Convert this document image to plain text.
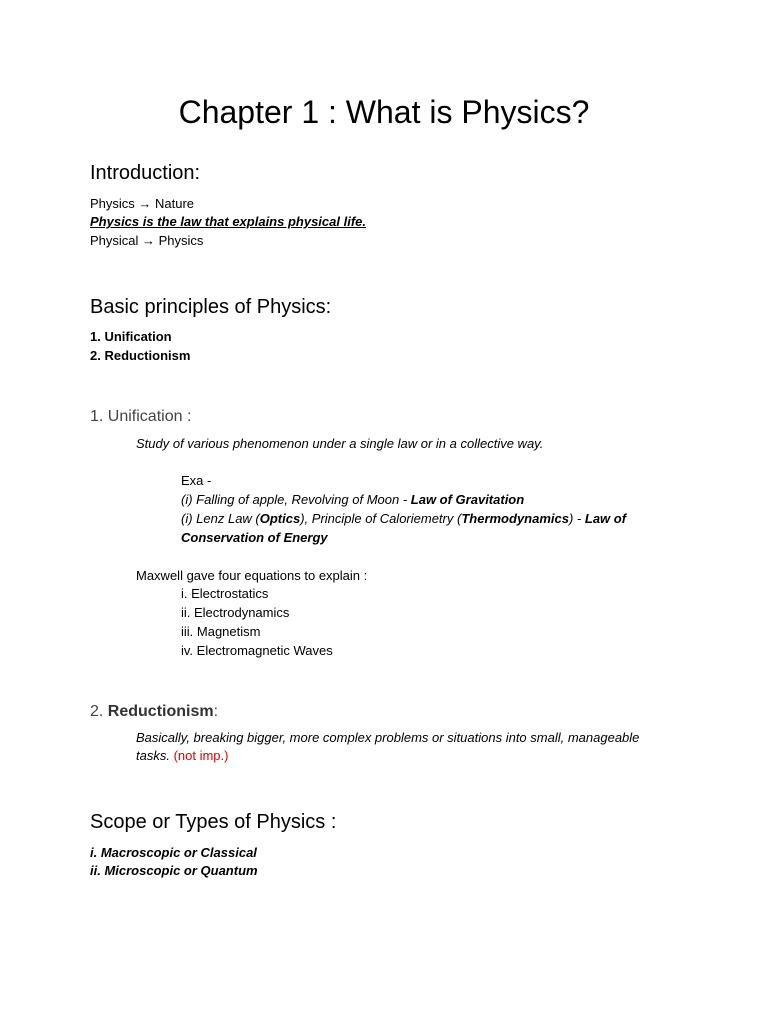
Chapter 1 : What is Physics?
Introduction:
Physics → Nature
Physics is the law that explains physical life.
Physical → Physics
Basic principles of Physics:
1. Unification
2. Reductionism
1. Unification :
Study of various phenomenon under a single law or in a collective way.
Exa -
(i) Falling of apple, Revolving of Moon - Law of Gravitation
(i) Lenz Law (Optics), Principle of Caloriemetry (Thermodynamics) - Law of
Conservation of Energy
Maxwell gave four equations to explain :
i. Electrostatics
ii. Electrodynamics
iii. Magnetism
iv. Electromagnetic Waves
2. Reductionism:
Basically, breaking bigger, more complex problems or situations into small, manageable
tasks. (not imp.)
Scope or Types of Physics :
i. Macroscopic or Classical
ii. Microscopic or Quantum
